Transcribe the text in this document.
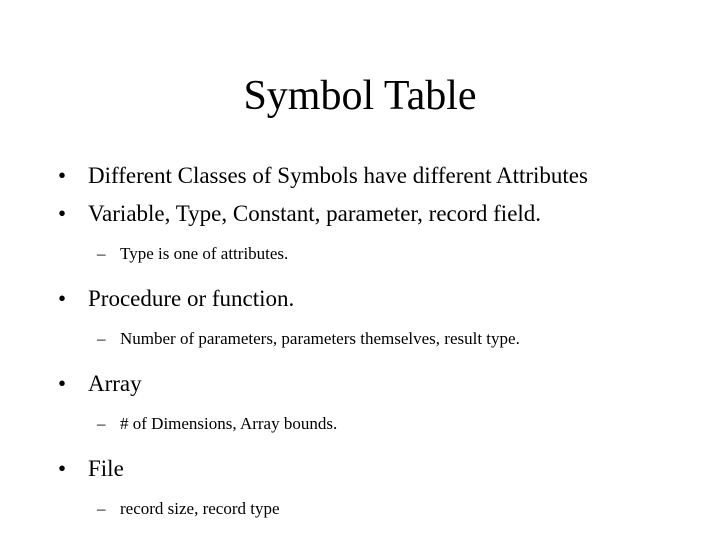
Symbol Table
• Different Classes of Symbols have different Attributes
• Variable, Type, Constant, parameter, record field.
– Type is one of attributes.
• Procedure or function.
– Number of parameters, parameters themselves, result type.
• Array
– # of Dimensions, Array bounds.
• File
– record size, record type
